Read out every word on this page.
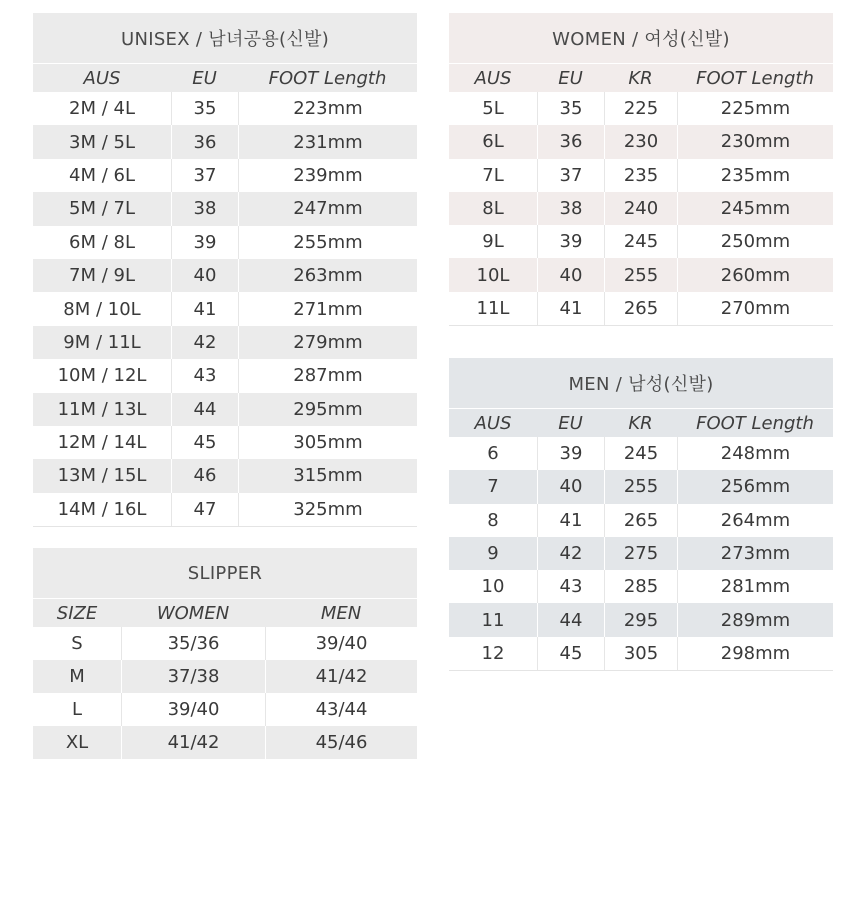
UNISEX / 남녀공용(신발)
AUS	EU	FOOT Length
2M / 4L	35	223mm
3M / 5L	36	231mm
4M / 6L	37	239mm
5M / 7L	38	247mm
6M / 8L	39	255mm
7M / 9L	40	263mm
8M / 10L	41	271mm
9M / 11L	42	279mm
10M / 12L	43	287mm
11M / 13L	44	295mm
12M / 14L	45	305mm
13M / 15L	46	315mm
14M / 16L	47	325mm
SLIPPER
SIZE	WOMEN	MEN
S	35/36	39/40
M	37/38	41/42
L	39/40	43/44
XL	41/42	45/46
WOMEN / 여성(신발)
AUS	EU	KR	FOOT Length
5L	35	225	225mm
6L	36	230	230mm
7L	37	235	235mm
8L	38	240	245mm
9L	39	245	250mm
10L	40	255	260mm
11L	41	265	270mm
MEN / 남성(신발)
AUS	EU	KR	FOOT Length
6	39	245	248mm
7	40	255	256mm
8	41	265	264mm
9	42	275	273mm
10	43	285	281mm
11	44	295	289mm
12	45	305	298mm
